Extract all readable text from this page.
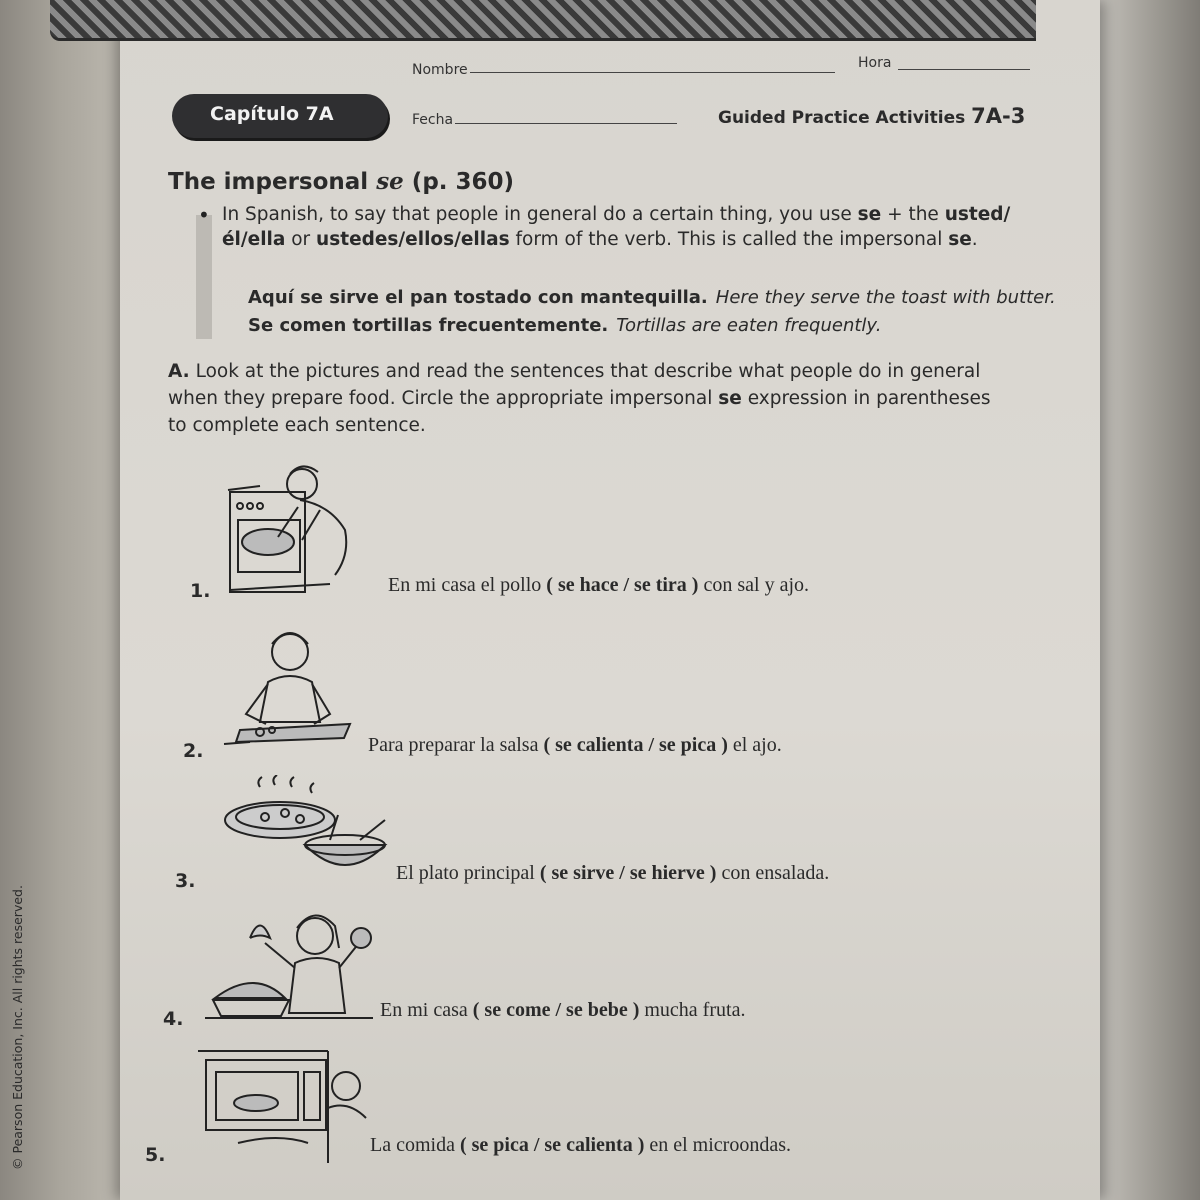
Nombre	Hora
Fecha
Capítulo 7A	Guided Practice Activities 7A-3
The impersonal se (p. 360)
• In Spanish, to say that people in general do a certain thing, you use se + the usted/él/ella or ustedes/ellos/ellas form of the verb. This is called the impersonal se.
Aquí se sirve el pan tostado con mantequilla. Here they serve the toast with butter.
Se comen tortillas frecuentemente. Tortillas are eaten frequently.
A. Look at the pictures and read the sentences that describe what people do in general when they prepare food. Circle the appropriate impersonal se expression in parentheses to complete each sentence.
1.	En mi casa el pollo ( se hace / se tira ) con sal y ajo.
2.	Para preparar la salsa ( se calienta / se pica ) el ajo.
3.	El plato principal ( se sirve / se hierve ) con ensalada.
4.	En mi casa ( se come / se bebe ) mucha fruta.
5.	La comida ( se pica / se calienta ) en el microondas.
© Pearson Education, Inc. All rights reserved.
